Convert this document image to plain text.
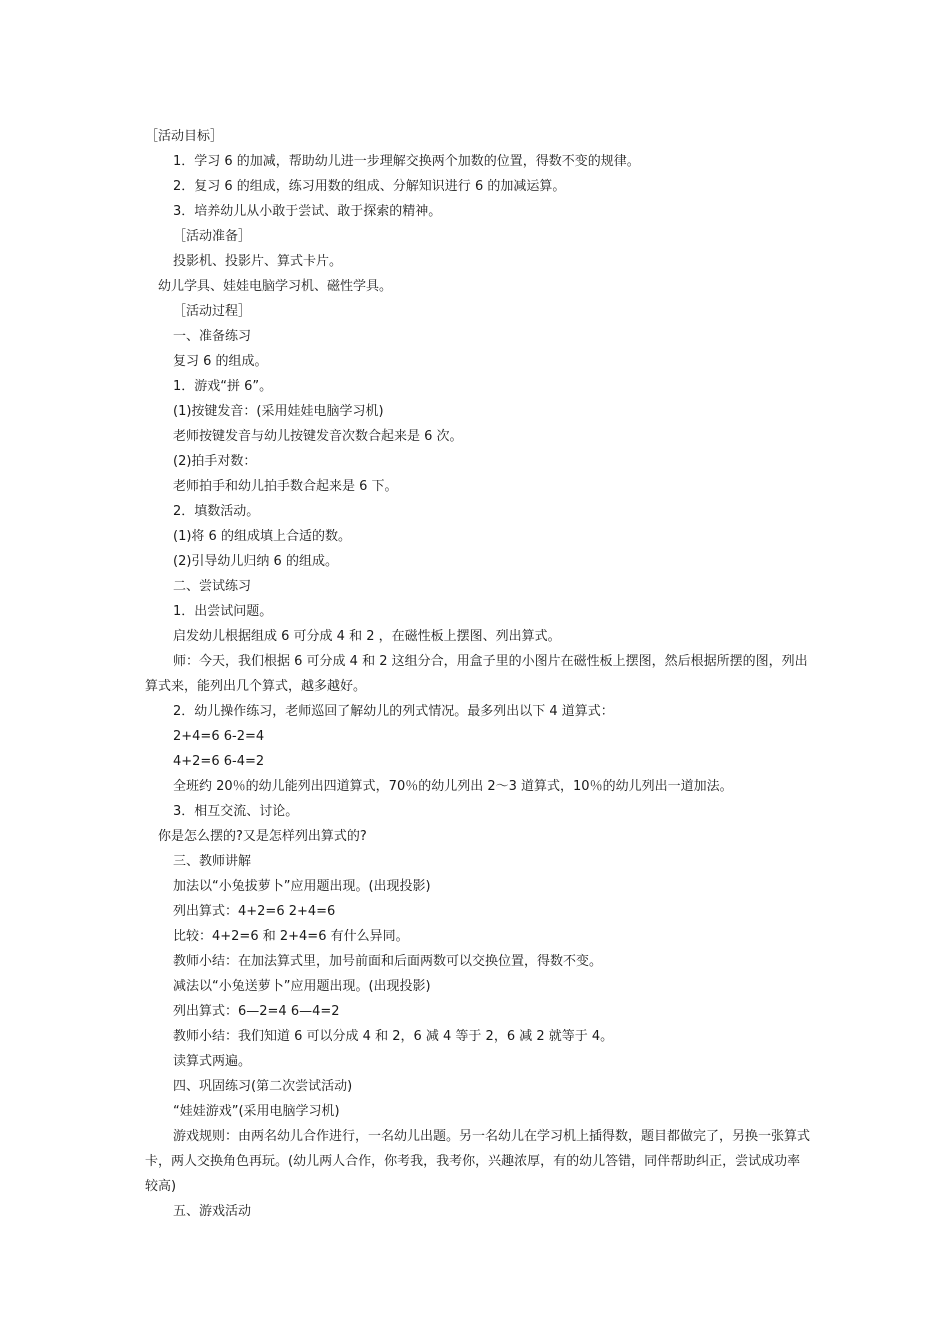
［活动目标］

1．学习 6 的加减，帮助幼儿进一步理解交换两个加数的位置，得数不变的规律。

2．复习 6 的组成，练习用数的组成、分解知识进行 6 的加减运算。

3．培养幼儿从小敢于尝试、敢于探索的精神。

［活动准备］

投影机、投影片、算式卡片。

幼儿学具、娃娃电脑学习机、磁性学具。

［活动过程］

一、准备练习

复习 6 的组成。

1．游戏“拼 6”。

(1)按键发音：(采用娃娃电脑学习机)

老师按键发音与幼儿按键发音次数合起来是 6 次。

(2)拍手对数：

老师拍手和幼儿拍手数合起来是 6 下。

2．填数活动。

(1)将 6 的组成填上合适的数。

(2)引导幼儿归纳 6 的组成。

二、尝试练习

1．出尝试问题。

启发幼儿根据组成 6 可分成 4 和 2 ，在磁性板上摆图、列出算式。

师：今天，我们根据 6 可分成 4 和 2 这组分合，用盒子里的小图片在磁性板上摆图，然后根据所摆的图，列出算式来，能列出几个算式，越多越好。

2．幼儿操作练习，老师巡回了解幼儿的列式情况。最多列出以下 4 道算式：

2+4=6 6-2=4

4+2=6 6-4=2

全班约 20％的幼儿能列出四道算式，70％的幼儿列出 2～3 道算式，10％的幼儿列出一道加法。

3．相互交流、讨论。

你是怎么摆的?又是怎样列出算式的?

三、教师讲解

加法以“小兔拔萝卜”应用题出现。(出现投影)

列出算式：4+2=6 2+4=6

比较：4+2=6 和 2+4=6 有什么异同。

教师小结：在加法算式里，加号前面和后面两数可以交换位置，得数不变。

减法以“小兔送萝卜”应用题出现。(出现投影)

列出算式：6—2=4 6—4=2

教师小结：我们知道 6 可以分成 4 和 2，6 减 4 等于 2，6 减 2 就等于 4。

读算式两遍。

四、巩固练习(第二次尝试活动)

“娃娃游戏”(采用电脑学习机)

游戏规则：由两名幼儿合作进行，一名幼儿出题。另一名幼儿在学习机上插得数，题目都做完了，另换一张算式卡，两人交换角色再玩。(幼儿两人合作，你考我，我考你，兴趣浓厚，有的幼儿答错，同伴帮助纠正，尝试成功率较高)

五、游戏活动
